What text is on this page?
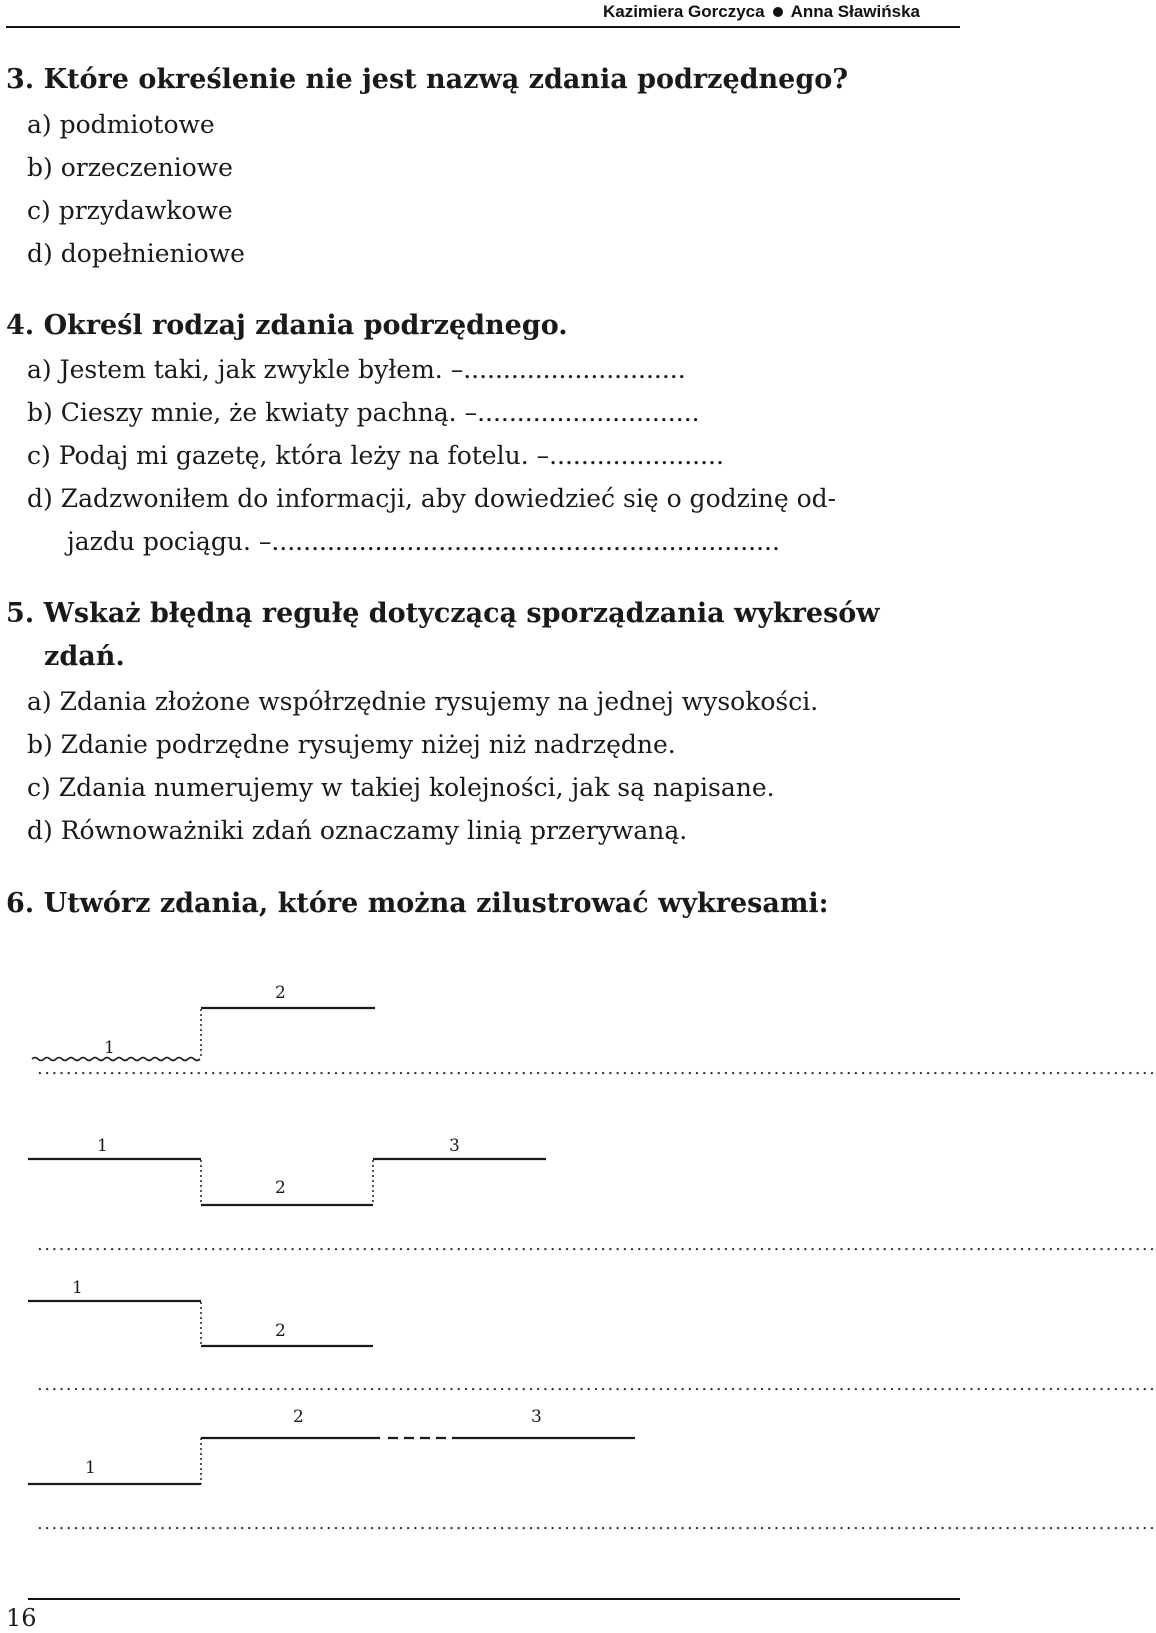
Kazimiera Gorczyca Anna Sławińska
3. Które określenie nie jest nazwą zdania podrzędnego?
a) podmiotowe
b) orzeczeniowe
c) przydawkowe
d) dopełnieniowe
4. Określ rodzaj zdania podrzędnego.
a) Jestem taki, jak zwykle byłem. –............................
b) Cieszy mnie, że kwiaty pachną. –............................
c) Podaj mi gazetę, która leży na fotelu. –......................
d) Zadzwoniłem do informacji, aby dowiedzieć się o godzinę od-
jazdu pociągu. –................................................................
5. Wskaż błędną regułę dotyczącą sporządzania wykresów
zdań.
a) Zdania złożone współrzędnie rysujemy na jednej wysokości.
b) Zdanie podrzędne rysujemy niżej niż nadrzędne.
c) Zdania numerujemy w takiej kolejności, jak są napisane.
d) Równoważniki zdań oznaczamy linią przerywaną.
6. Utwórz zdania, które można zilustrować wykresami:
1
2
...........................................................................................................................................................
1
2
3
...........................................................................................................................................................
1
2
...........................................................................................................................................................
2	3
1
...........................................................................................................................................................
16
